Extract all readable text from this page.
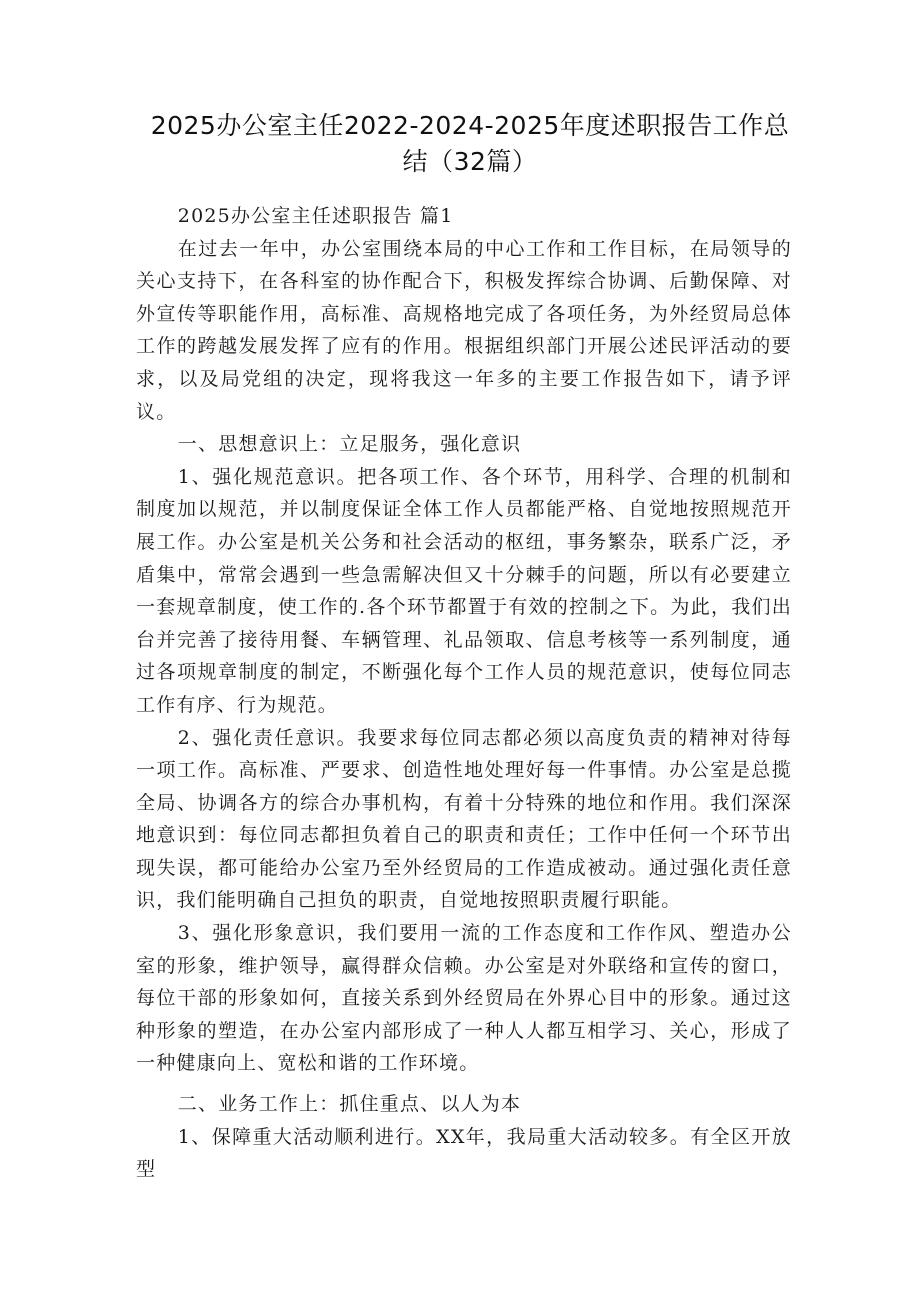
2025办公室主任2022-2024-2025年度述职报告工作总结（32篇）

2025办公室主任述职报告 篇1

在过去一年中，办公室围绕本局的中心工作和工作目标，在局领导的关心支持下，在各科室的协作配合下，积极发挥综合协调、后勤保障、对外宣传等职能作用，高标准、高规格地完成了各项任务，为外经贸局总体工作的跨越发展发挥了应有的作用。根据组织部门开展公述民评活动的要求，以及局党组的决定，现将我这一年多的主要工作报告如下，请予评议。

一、思想意识上：立足服务，强化意识

1、强化规范意识。把各项工作、各个环节，用科学、合理的机制和制度加以规范，并以制度保证全体工作人员都能严格、自觉地按照规范开展工作。办公室是机关公务和社会活动的枢纽，事务繁杂，联系广泛，矛盾集中，常常会遇到一些急需解决但又十分棘手的问题，所以有必要建立一套规章制度，使工作的.各个环节都置于有效的控制之下。为此，我们出台并完善了接待用餐、车辆管理、礼品领取、信息考核等一系列制度，通过各项规章制度的制定，不断强化每个工作人员的规范意识，使每位同志工作有序、行为规范。

2、强化责任意识。我要求每位同志都必须以高度负责的精神对待每一项工作。高标准、严要求、创造性地处理好每一件事情。办公室是总揽全局、协调各方的综合办事机构，有着十分特殊的地位和作用。我们深深地意识到：每位同志都担负着自己的职责和责任；工作中任何一个环节出现失误，都可能给办公室乃至外经贸局的工作造成被动。通过强化责任意识，我们能明确自己担负的职责，自觉地按照职责履行职能。

3、强化形象意识，我们要用一流的工作态度和工作作风、塑造办公室的形象，维护领导，赢得群众信赖。办公室是对外联络和宣传的窗口，每位干部的形象如何，直接关系到外经贸局在外界心目中的形象。通过这种形象的塑造，在办公室内部形成了一种人人都互相学习、关心，形成了一种健康向上、宽松和谐的工作环境。

二、业务工作上：抓住重点、以人为本

1、保障重大活动顺利进行。XX年，我局重大活动较多。有全区开放型
